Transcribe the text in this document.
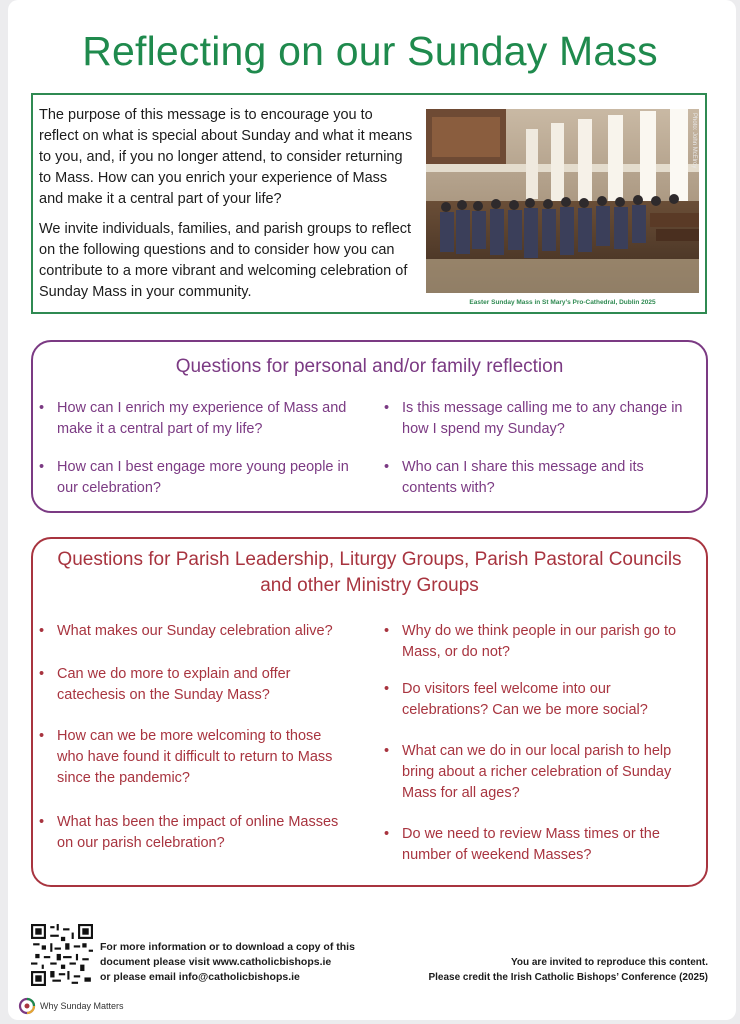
Reflecting on our Sunday Mass

The purpose of this message is to encourage you to reflect on what is special about Sunday and what it means to you, and, if you no longer attend, to consider returning to Mass. How can you enrich your experience of Mass and make it a central part of your life?

We invite individuals, families, and parish groups to reflect on the following questions and to consider how you can contribute to a more vibrant and welcoming celebration of Sunday Mass in your community.

Photo: John McElroy
Easter Sunday Mass in St Mary’s Pro-Cathedral, Dublin 2025
Questions for personal and/or family reflection
• How can I enrich my experience of Mass and make it a central part of my life?
• Is this message calling me to any change in how I spend my Sunday?
• How can I best engage more young people in our celebration?
• Who can I share this message and its contents with?
Questions for Parish Leadership, Liturgy Groups, Parish Pastoral Councils
and other Ministry Groups
• What makes our Sunday celebration alive?	• Why do we think people in our parish go to Mass, or do not?
• Can we do more to explain and offer catechesis on the Sunday Mass?	• Do visitors feel welcome into our celebrations? Can we be more social?
• How can we be more welcoming to those who have found it difficult to return to Mass since the pandemic?
• What can we do in our local parish to help bring about a richer celebration of Sunday Mass for all ages?
• What has been the impact of online Masses on our parish celebration?
• Do we need to review Mass times or the number of weekend Masses?
For more information or to download a copy of this
document please visit www.catholicbishops.ie
or please email info@catholicbishops.ie
You are invited to reproduce this content.
Please credit the Irish Catholic Bishops’ Conference (2025)
Why Sunday Matters
